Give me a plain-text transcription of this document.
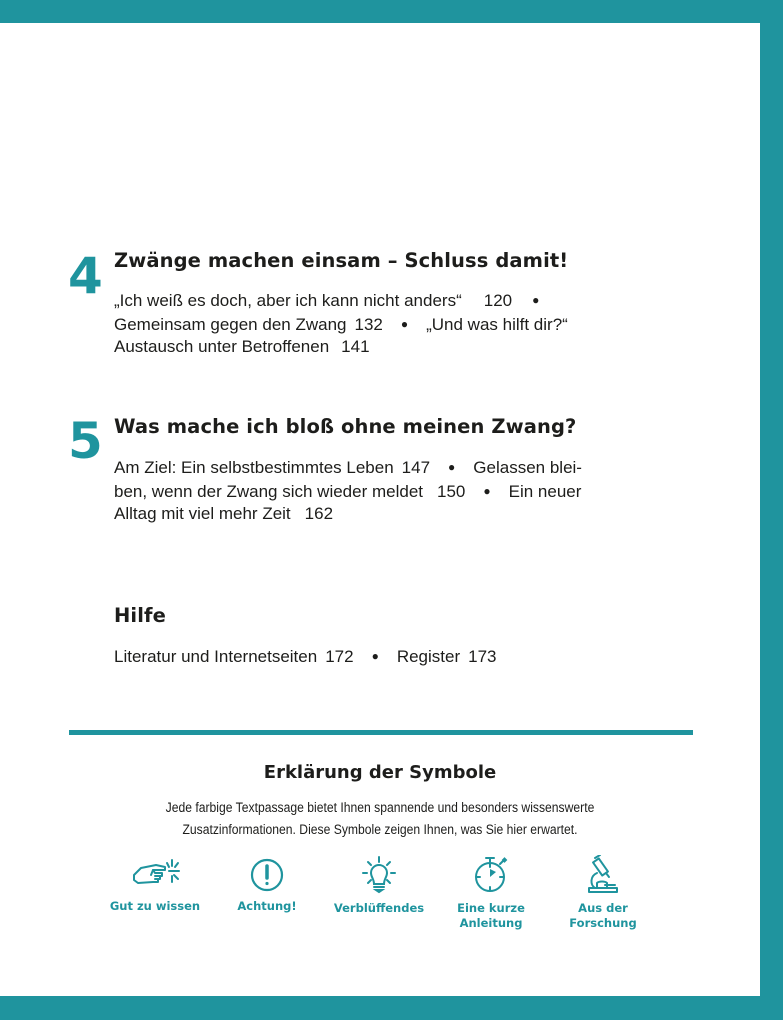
4 Zwänge machen einsam – Schluss damit!
„Ich weiß es doch, aber ich kann nicht anders“ 120 ●
Gemeinsam gegen den Zwang 132 ● „Und was hilft dir?“
Austausch unter Betroffenen 141
5 Was mache ich bloß ohne meinen Zwang?
Am Ziel: Ein selbstbestimmtes Leben 147 ● Gelassen blei-
ben, wenn der Zwang sich wieder meldet 150 ● Ein neuer
Alltag mit viel mehr Zeit 162
Hilfe
Literatur und Internetseiten 172 ● Register 173
Erklärung der Symbole
Jede farbige Textpassage bietet Ihnen spannende und besonders wissenswerte
Zusatzinformationen. Diese Symbole zeigen Ihnen, was Sie hier erwartet.
Gut zu wissen	Achtung!	Verblüffendes	Eine kurze
Anleitung
Aus der
Forschung
